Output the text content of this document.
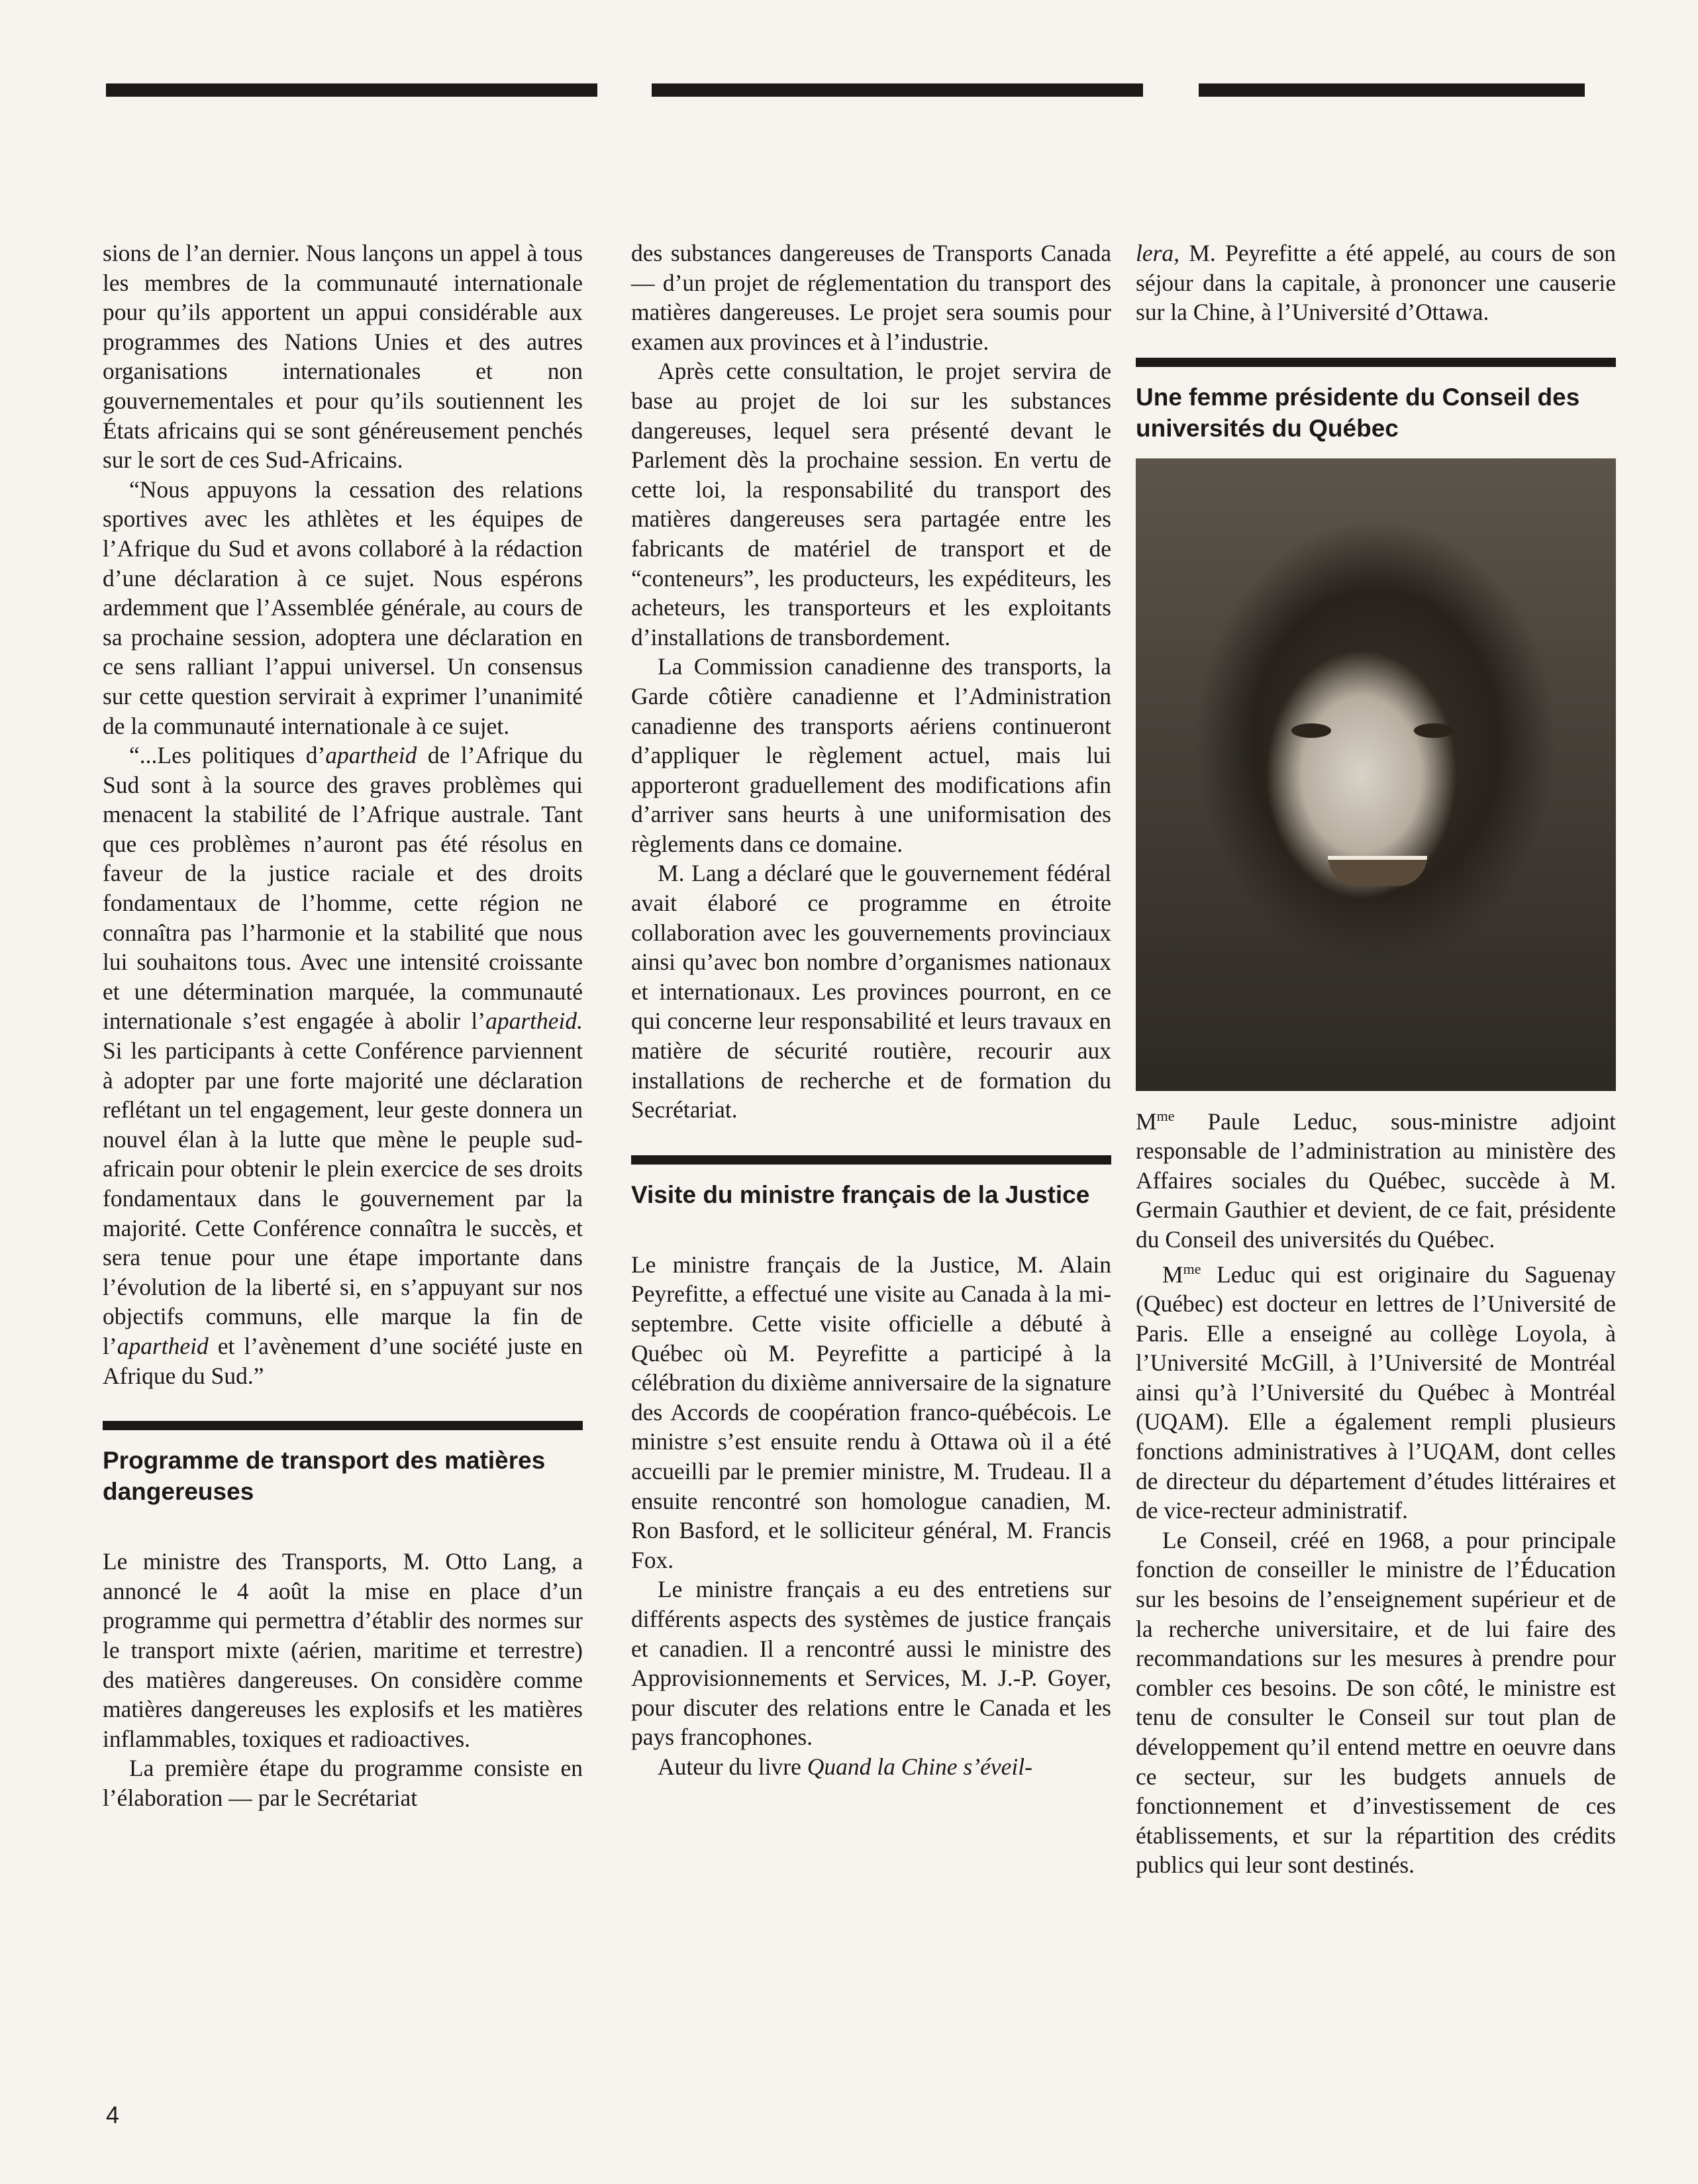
sions de l’an dernier. Nous lançons un appel à tous les membres de la communauté internationale pour qu’ils apportent un appui considérable aux programmes des Nations Unies et des autres organisations internationales et non gouvernementales et pour qu’ils soutiennent les États africains qui se sont généreusement penchés sur le sort de ces Sud-Africains.

“Nous appuyons la cessation des relations sportives avec les athlètes et les équipes de l’Afrique du Sud et avons collaboré à la rédaction d’une déclaration à ce sujet. Nous espérons ardemment que l’Assemblée générale, au cours de sa prochaine session, adoptera une déclaration en ce sens ralliant l’appui universel. Un consensus sur cette question servirait à exprimer l’unanimité de la communauté internationale à ce sujet.

“...Les politiques d’apartheid de l’Afrique du Sud sont à la source des graves problèmes qui menacent la stabilité de l’Afrique australe. Tant que ces problèmes n’auront pas été résolus en faveur de la justice raciale et des droits fondamentaux de l’homme, cette région ne connaîtra pas l’harmonie et la stabilité que nous lui souhaitons tous. Avec une intensité croissante et une détermination marquée, la communauté internationale s’est engagée à abolir l’apartheid. Si les participants à cette Conférence parviennent à adopter par une forte majorité une déclaration reflétant un tel engagement, leur geste donnera un nouvel élan à la lutte que mène le peuple sud-africain pour obtenir le plein exercice de ses droits fondamentaux dans le gouvernement par la majorité. Cette Conférence connaîtra le succès, et sera tenue pour une étape importante dans l’évolution de la liberté si, en s’appuyant sur nos objectifs communs, elle marque la fin de l’apartheid et l’avènement d’une société juste en Afrique du Sud.”

Programme de transport des matières dangereuses

Le ministre des Transports, M. Otto Lang, a annoncé le 4 août la mise en place d’un programme qui permettra d’établir des normes sur le transport mixte (aérien, maritime et terrestre) des matières dangereuses. On considère comme matières dangereuses les explosifs et les matières inflammables, toxiques et radioactives.

La première étape du programme consiste en l’élaboration — par le Secrétariat

des substances dangereuses de Transports Canada — d’un projet de réglementation du transport des matières dangereuses. Le projet sera soumis pour examen aux provinces et à l’industrie.

Après cette consultation, le projet servira de base au projet de loi sur les substances dangereuses, lequel sera présenté devant le Parlement dès la prochaine session. En vertu de cette loi, la responsabilité du transport des matières dangereuses sera partagée entre les fabricants de matériel de transport et de “conteneurs”, les producteurs, les expéditeurs, les acheteurs, les transporteurs et les exploitants d’installations de transbordement.

La Commission canadienne des transports, la Garde côtière canadienne et l’Administration canadienne des transports aériens continueront d’appliquer le règlement actuel, mais lui apporteront graduellement des modifications afin d’arriver sans heurts à une uniformisation des règlements dans ce domaine.

M. Lang a déclaré que le gouvernement fédéral avait élaboré ce programme en étroite collaboration avec les gouvernements provinciaux ainsi qu’avec bon nombre d’organismes nationaux et internationaux. Les provinces pourront, en ce qui concerne leur responsabilité et leurs travaux en matière de sécurité routière, recourir aux installations de recherche et de formation du Secrétariat.

Visite du ministre français de la Justice

Le ministre français de la Justice, M. Alain Peyrefitte, a effectué une visite au Canada à la mi-septembre. Cette visite officielle a débuté à Québec où M. Peyrefitte a participé à la célébration du dixième anniversaire de la signature des Accords de coopération franco-québécois. Le ministre s’est ensuite rendu à Ottawa où il a été accueilli par le premier ministre, M. Trudeau. Il a ensuite rencontré son homologue canadien, M. Ron Basford, et le solliciteur général, M. Francis Fox.

Le ministre français a eu des entretiens sur différents aspects des systèmes de justice français et canadien. Il a rencontré aussi le ministre des Approvisionnements et Services, M. J.-P. Goyer, pour discuter des relations entre le Canada et les pays francophones.

Auteur du livre Quand la Chine s’éveil-

lera, M. Peyrefitte a été appelé, au cours de son séjour dans la capitale, à prononcer une causerie sur la Chine, à l’Université d’Ottawa.

Une femme présidente du Conseil des universités du Québec

$M^{me}$ Paule Leduc, sous-ministre adjoint responsable de l’administration au ministère des Affaires sociales du Québec, succède à M. Germain Gauthier et devient, de ce fait, présidente du Conseil des universités du Québec.

$M^{me}$ Leduc qui est originaire du Saguenay (Québec) est docteur en lettres de l’Université de Paris. Elle a enseigné au collège Loyola, à l’Université McGill, à l’Université de Montréal ainsi qu’à l’Université du Québec à Montréal (UQAM). Elle a également rempli plusieurs fonctions administratives à l’UQAM, dont celles de directeur du département d’études littéraires et de vice-recteur administratif.

Le Conseil, créé en 1968, a pour principale fonction de conseiller le ministre de l’Éducation sur les besoins de l’enseignement supérieur et de la recherche universitaire, et de lui faire des recommandations sur les mesures à prendre pour combler ces besoins. De son côté, le ministre est tenu de consulter le Conseil sur tout plan de développement qu’il entend mettre en oeuvre dans ce secteur, sur les budgets annuels de fonctionnement et d’investissement de ces établissements, et sur la répartition des crédits publics qui leur sont destinés.

4
